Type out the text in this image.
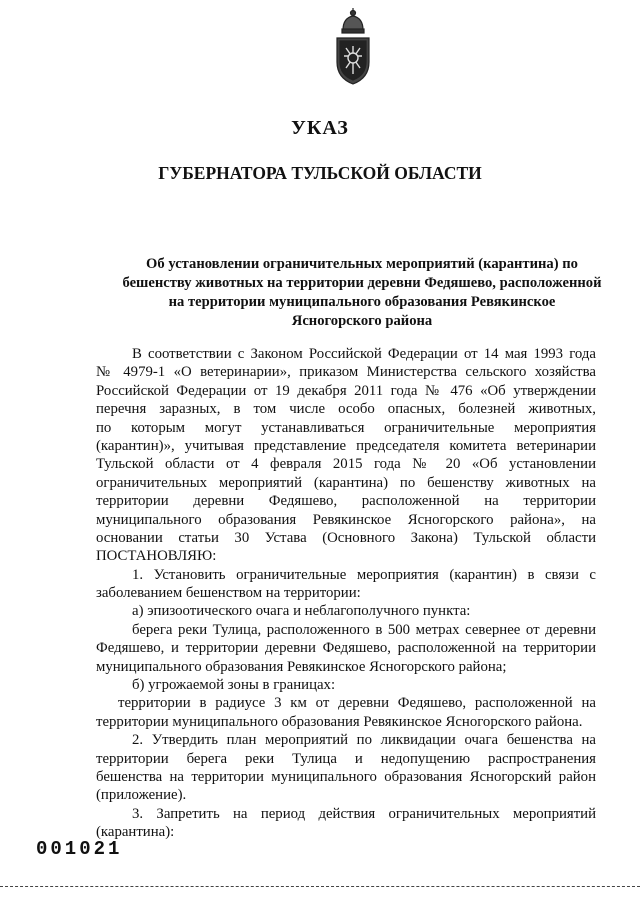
УКАЗ
ГУБЕРНАТОРА ТУЛЬСКОЙ ОБЛАСТИ
Об установлении ограничительных мероприятий (карантина) по
бешенству животных на территории деревни Федяшево, расположенной
на территории муниципального образования Ревякинское
Ясногорского района
В соответствии с Законом Российской Федерации от 14 мая 1993 года
№ 4979-1 «О ветеринарии», приказом Министерства сельского хозяйства
Российской Федерации от 19 декабря 2011 года № 476 «Об утверждении
перечня заразных, в том числе особо опасных, болезней животных,
по которым могут устанавливаться ограничительные мероприятия
(карантин)», учитывая представление председателя комитета ветеринарии
Тульской области от 4 февраля 2015 года № 20 «Об установлении
ограничительных мероприятий (карантина) по бешенству животных на
территории деревни Федяшево, расположенной на территории
муниципального образования Ревякинское Ясногорского района», на
основании статьи 30 Устава (Основного Закона) Тульской области
ПОСТАНОВЛЯЮ:
1. Установить ограничительные мероприятия (карантин) в связи с
заболеванием бешенством на территории:
а) эпизоотического очага и неблагополучного пункта:
берега реки Тулица, расположенного в 500 метрах севернее от деревни
Федяшево, и территории деревни Федяшево, расположенной на территории
муниципального образования Ревякинское Ясногорского района;
б) угрожаемой зоны в границах:
территории в радиусе 3 км от деревни Федяшево, расположенной на
территории муниципального образования Ревякинское Ясногорского района.
2. Утвердить план мероприятий по ликвидации очага бешенства на
территории берега реки Тулица и недопущению распространения
бешенства на территории муниципального образования Ясногорский район
(приложение).
3. Запретить на период действия ограничительных мероприятий
(карантина):
001021
